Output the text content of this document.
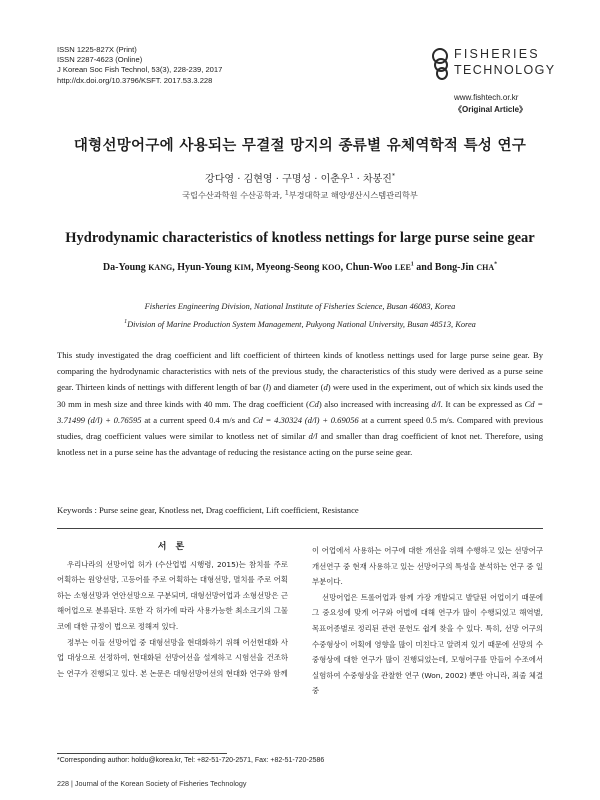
ISSN 1225-827X (Print)
ISSN 2287-4623 (Online)
J Korean Soc Fish Technol, 53(3), 228-239, 2017
http://dx.doi.org/10.3796/KSFT. 2017.53.3.228
FISHERIES
TECHNOLOGY
www.fishtech.or.kr
《Original Article》
대형선망어구에 사용되는 무결절 망지의 종류별 유체역학적 특성 연구
강다영 · 김현영 · 구명성 · 이춘우$^1$ · 차봉진*
국립수산과학원 수산공학과, $^1$부경대학교 해양생산시스템관리학부
Hydrodynamic characteristics of knotless nettings for large purse seine gear
Da-Young KANG, Hyun-Young KIM, Myeong-Seong KOO, Chun-Woo LEE$^1$ and Bong-Jin CHA*
Fisheries Engineering Division, National Institute of Fisheries Science, Busan 46083, Korea
$^1$Division of Marine Production System Management, Pukyong National University, Busan 48513, Korea

This study investigated the drag coefficient and lift coefficient of thirteen kinds of knotless nettings used for large purse seine gear. By comparing the hydrodynamic characteristics with nets of the previous study, the characteristics of this study were derived as a purse seine gear. Thirteen kinds of nettings with different length of bar (l) and diameter (d) were used in the experiment, out of which six kinds used the 30 mm in mesh size and three kinds with 40 mm. The drag coefficient (Cd) also increased with increasing d/l. It can be expressed as Cd = 3.71499 (d/l) + 0.76595 at a current speed 0.4 m/s and Cd = 4.30324 (d/l) + 0.69056 at a current speed 0.5 m/s. Compared with previous studies, drag coefficient values were similar to knotless net of similar d/l and smaller than drag coefficient of knot net. Therefore, using knotless net in a purse seine has the advantage of reducing the resistance acting on the purse seine gear.

Keywords : Purse seine gear, Knotless net, Drag coefficient, Lift coefficient, Resistance

서 론

우리나라의 선망어업 허가 (수산업법 시행령, 2015)는 참치를 주로 어획하는 원양선망, 고등어를 주로 어획하는 대형선망, 멸치를 주로 어획하는 소형선망과 연안선망으로 구분되며, 대형선망어업과 소형선망은 근해어업으로 분류된다. 또한 각 허가에 따라 사용가능한 최소크기의 그물코에 대한 규정이 법으로 정해져 있다.

정부는 이들 선망어업 중 대형선망을 현대화하기 위해 어선현대화 사업 대상으로 선정하여, 현대화된 선망어선을 설계하고 시험선을 건조하는 연구가 진행되고 있다. 본 논문은 대형선망어선의 현대화 연구와 함께

이 어업에서 사용하는 어구에 대한 개선을 위해 수행하고 있는 선망어구 개선연구 중 현재 사용하고 있는 선망어구의 특성을 분석하는 연구 중 일부분이다.

선망어업은 트롤어업과 함께 가장 개발되고 발달된 어업이기 때문에 그 중요성에 맞게 어구와 어법에 대해 연구가 많이 수행되었고 해역별, 목표어종별로 정리된 관련 문헌도 쉽게 찾을 수 있다. 특히, 선망 어구의 수중형상이 어획에 영향을 많이 미친다고 알려져 있기 때문에 선망의 수중형상에 대한 연구가 많이 진행되었는데, 모형어구를 만들어 수조에서 실험하여 수중형상을 관찰한 연구 (Won, 2002) 뿐만 아니라, 죄줄 체결 중

*Corresponding author: holdu@korea.kr, Tel: +82-51-720-2571, Fax: +82-51-720-2586
228 | Journal of the Korean Society of Fisheries Technology
